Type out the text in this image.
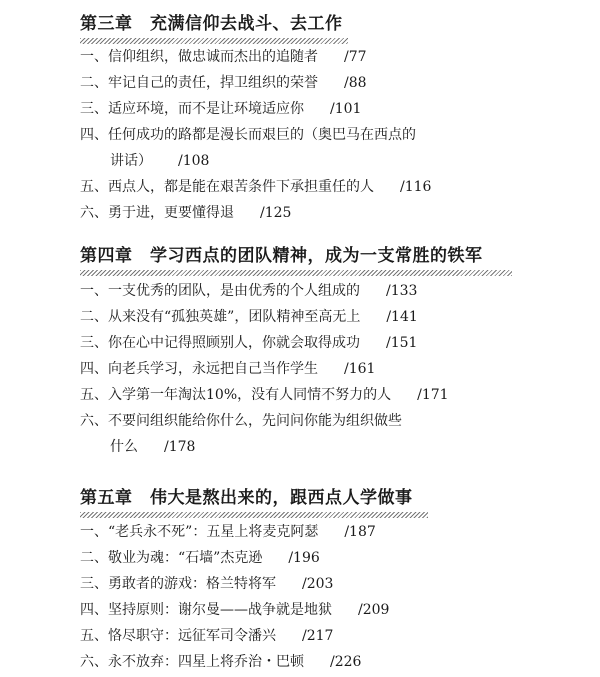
第三章　充满信仰去战斗、去工作
一、信仰组织，做忠诚而杰出的追随者 /77
二、牢记自己的责任，捍卫组织的荣誉 /88
三、适应环境，而不是让环境适应你 /101
四、任何成功的路都是漫长而艰巨的（奥巴马在西点的
讲话） /108
五、西点人，都是能在艰苦条件下承担重任的人 /116
六、勇于进，更要懂得退 /125
第四章　学习西点的团队精神，成为一支常胜的铁军
一、一支优秀的团队，是由优秀的个人组成的 /133
二、从来没有“孤独英雄”，团队精神至高无上 /141
三、你在心中记得照顾别人，你就会取得成功 /151
四、向老兵学习，永远把自己当作学生 /161
五、入学第一年淘汰10%，没有人同情不努力的人 /171
六、不要问组织能给你什么，先问问你能为组织做些
什么 /178
第五章　伟大是熬出来的，跟西点人学做事
一、“老兵永不死”：五星上将麦克阿瑟 /187
二、敬业为魂：“石墙”杰克逊 /196
三、勇敢者的游戏：格兰特将军 /203
四、坚持原则：谢尔曼——战争就是地狱 /209
五、恪尽职守：远征军司令潘兴 /217
六、永不放弃：四星上将乔治・巴顿 /226
